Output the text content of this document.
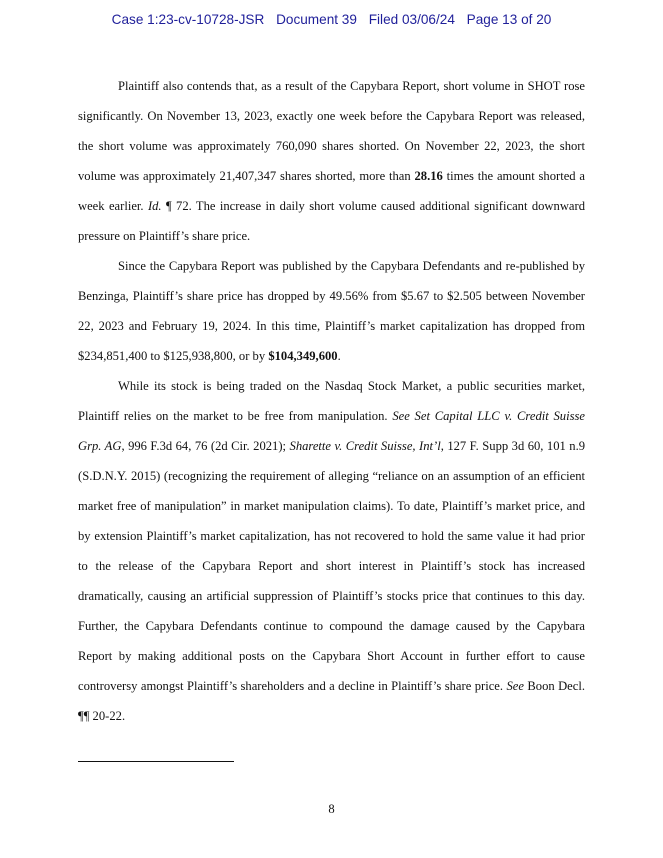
Case 1:23-cv-10728-JSR Document 39 Filed 03/06/24 Page 13 of 20

Plaintiff also contends that, as a result of the Capybara Report, short volume in SHOT rose significantly. On November 13, 2023, exactly one week before the Capybara Report was released, the short volume was approximately 760,090 shares shorted. On November 22, 2023, the short volume was approximately 21,407,347 shares shorted, more than 28.16 times the amount shorted a week earlier. Id. ¶ 72. The increase in daily short volume caused additional significant downward pressure on Plaintiff’s share price.

Since the Capybara Report was published by the Capybara Defendants and re-published by Benzinga, Plaintiff’s share price has dropped by 49.56% from $5.67 to $2.505 between November 22, 2023 and February 19, 2024. In this time, Plaintiff’s market capitalization has dropped from $234,851,400 to $125,938,800, or by $104,349,600.

While its stock is being traded on the Nasdaq Stock Market, a public securities market, Plaintiff relies on the market to be free from manipulation. See Set Capital LLC v. Credit Suisse Grp. AG, 996 F.3d 64, 76 (2d Cir. 2021); Sharette v. Credit Suisse, Int’l, 127 F. Supp 3d 60, 101 n.9 (S.D.N.Y. 2015) (recognizing the requirement of alleging “reliance on an assumption of an efficient market free of manipulation” in market manipulation claims). To date, Plaintiff’s market price, and by extension Plaintiff’s market capitalization, has not recovered to hold the same value it had prior to the release of the Capybara Report and short interest in Plaintiff’s stock has increased dramatically, causing an artificial suppression of Plaintiff’s stocks price that continues to this day. Further, the Capybara Defendants continue to compound the damage caused by the Capybara Report by making additional posts on the Capybara Short Account in further effort to cause controversy amongst Plaintiff’s shareholders and a decline in Plaintiff’s share price. See Boon Decl. ¶¶ 20-22.

8
